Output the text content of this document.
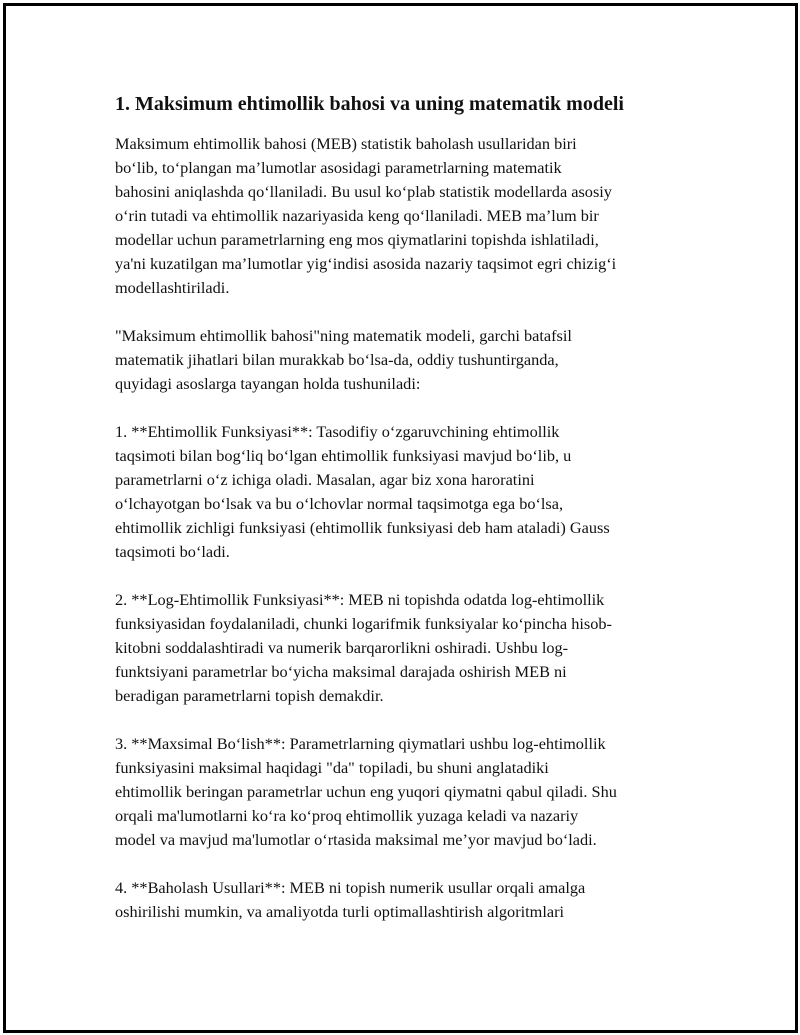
1. Maksimum ehtimollik bahosi va uning matematik modeli
Maksimum ehtimollik bahosi (MEB) statistik baholash usullaridan biri
bo‘lib, to‘plangan ma’lumotlar asosidagi parametrlarning matematik
bahosini aniqlashda qo‘llaniladi. Bu usul ko‘plab statistik modellarda asosiy
o‘rin tutadi va ehtimollik nazariyasida keng qo‘llaniladi. MEB ma’lum bir
modellar uchun parametrlarning eng mos qiymatlarini topishda ishlatiladi,
ya'ni kuzatilgan ma’lumotlar yig‘indisi asosida nazariy taqsimot egri chizig‘i
modellashtiriladi.
"Maksimum ehtimollik bahosi"ning matematik modeli, garchi batafsil
matematik jihatlari bilan murakkab bo‘lsa-da, oddiy tushuntirganda,
quyidagi asoslarga tayangan holda tushuniladi:
1. **Ehtimollik Funksiyasi**: Tasodifiy o‘zgaruvchining ehtimollik
taqsimoti bilan bog‘liq bo‘lgan ehtimollik funksiyasi mavjud bo‘lib, u
parametrlarni o‘z ichiga oladi. Masalan, agar biz xona haroratini
o‘lchayotgan bo‘lsak va bu o‘lchovlar normal taqsimotga ega bo‘lsa,
ehtimollik zichligi funksiyasi (ehtimollik funksiyasi deb ham ataladi) Gauss
taqsimoti bo‘ladi.
2. **Log-Ehtimollik Funksiyasi**: MEB ni topishda odatda log-ehtimollik
funksiyasidan foydalaniladi, chunki logarifmik funksiyalar ko‘pincha hisob-
kitobni soddalashtiradi va numerik barqarorlikni oshiradi. Ushbu log-
funktsiyani parametrlar bo‘yicha maksimal darajada oshirish MEB ni
beradigan parametrlarni topish demakdir.
3. **Maxsimal Bo‘lish**: Parametrlarning qiymatlari ushbu log-ehtimollik
funksiyasini maksimal haqidagi "da" topiladi, bu shuni anglatadiki
ehtimollik beringan parametrlar uchun eng yuqori qiymatni qabul qiladi. Shu
orqali ma'lumotlarni ko‘ra ko‘proq ehtimollik yuzaga keladi va nazariy
model va mavjud ma'lumotlar o‘rtasida maksimal me’yor mavjud bo‘ladi.
4. **Baholash Usullari**: MEB ni topish numerik usullar orqali amalga
oshirilishi mumkin, va amaliyotda turli optimallashtirish algoritmlari
